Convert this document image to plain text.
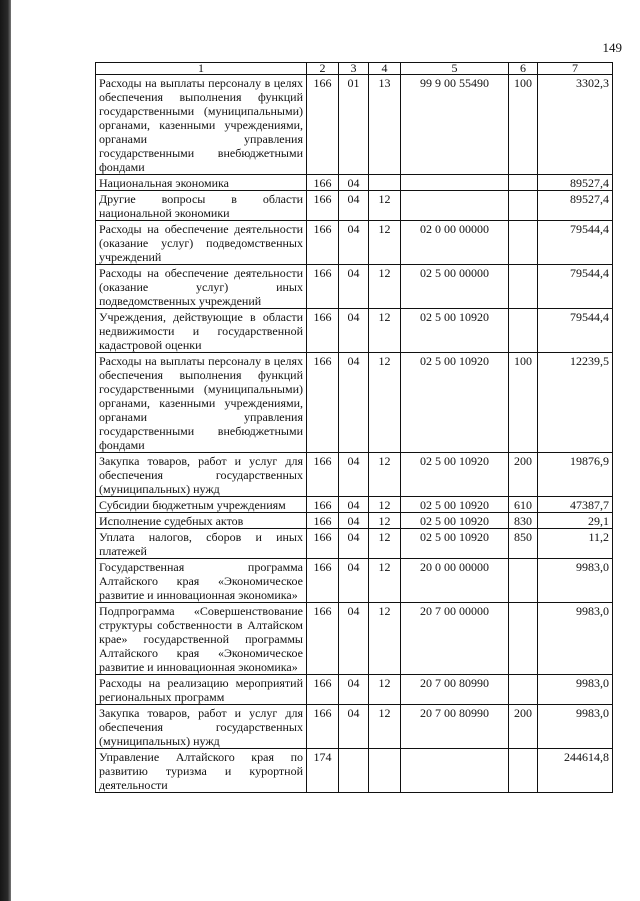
149
1	2	3	4	5	6	7
Расходы на выплаты персоналу в целях обеспечения выполнения функций государственными (муниципальными) органами, казенными учреждениями, органами управления государственными внебюджетными фондами	166	01	13	99 9 00 55490	100	3302,3
Национальная экономика	166	04				89527,4
Другие вопросы в области национальной экономики	166	04	12			89527,4
Расходы на обеспечение деятельности (оказание услуг) подведомственных учреждений	166	04	12	02 0 00 00000		79544,4
Расходы на обеспечение деятельности (оказание услуг) иных подведомственных учреждений	166	04	12	02 5 00 00000		79544,4
Учреждения, действующие в области недвижимости и государственной кадастровой оценки	166	04	12	02 5 00 10920		79544,4
Расходы на выплаты персоналу в целях обеспечения выполнения функций государственными (муниципальными) органами, казенными учреждениями, органами управления государственными внебюджетными фондами	166	04	12	02 5 00 10920	100	12239,5
Закупка товаров, работ и услуг для обеспечения государственных (муниципальных) нужд	166	04	12	02 5 00 10920	200	19876,9
Субсидии бюджетным учреждениям	166	04	12	02 5 00 10920	610	47387,7
Исполнение судебных актов	166	04	12	02 5 00 10920	830	29,1
Уплата налогов, сборов и иных платежей	166	04	12	02 5 00 10920	850	11,2
Государственная программа Алтайского края «Экономическое развитие и инновационная экономика»	166	04	12	20 0 00 00000		9983,0
Подпрограмма «Совершенствование структуры собственности в Алтайском крае» государственной программы Алтайского края «Экономическое развитие и инновационная экономика»	166	04	12	20 7 00 00000		9983,0
Расходы на реализацию мероприятий региональных программ	166	04	12	20 7 00 80990		9983,0
Закупка товаров, работ и услуг для обеспечения государственных (муниципальных) нужд	166	04	12	20 7 00 80990	200	9983,0
Управление Алтайского края по развитию туризма и курортной деятельности	174					244614,8
